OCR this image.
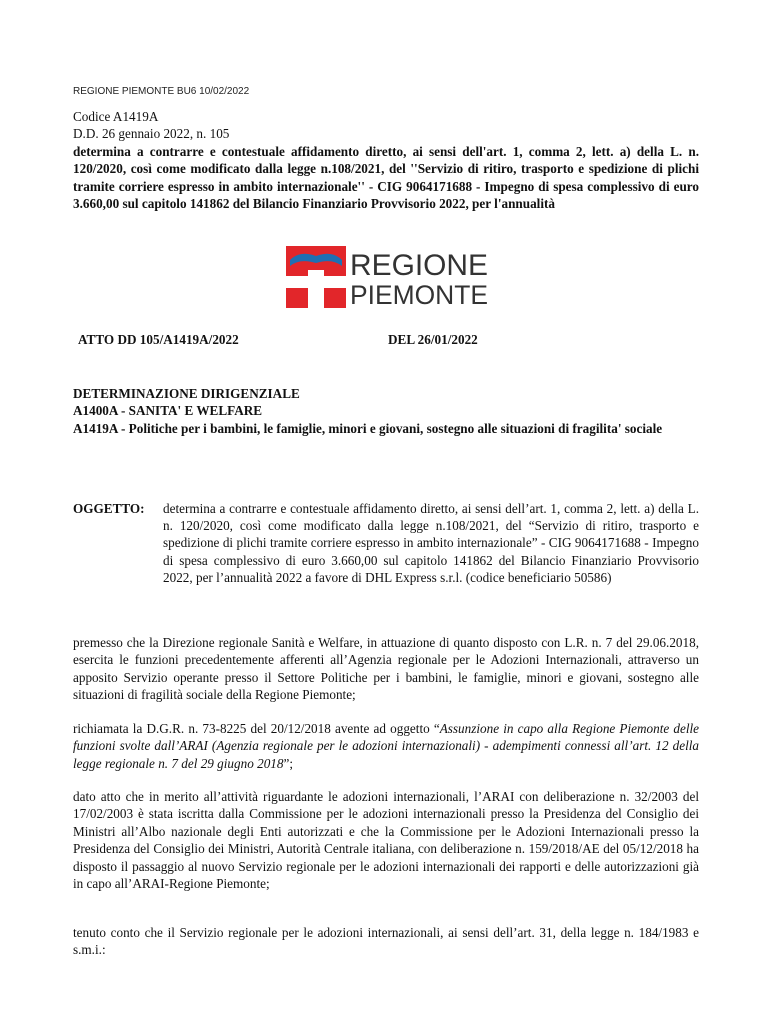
REGIONE PIEMONTE BU6 10/02/2022
Codice A1419A
D.D. 26 gennaio 2022, n. 105
determina a contrarre e contestuale affidamento diretto, ai sensi dell'art. 1, comma 2, lett. a) della L. n. 120/2020, così come modificato dalla legge n.108/2021, del ''Servizio di ritiro, trasporto e spedizione di plichi tramite corriere espresso in ambito internazionale'' - CIG 9064171688 - Impegno di spesa complessivo di euro 3.660,00 sul capitolo 141862 del Bilancio Finanziario Provvisorio 2022, per l'annualità
REGIONE
PIEMONTE
ATTO DD 105/A1419A/2022	DEL 26/01/2022
DETERMINAZIONE DIRIGENZIALE
A1400A - SANITA' E WELFARE
A1419A - Politiche per i bambini, le famiglie, minori e giovani, sostegno alle situazioni di fragilita' sociale
OGGETTO: determina a contrarre e contestuale affidamento diretto, ai sensi dell’art. 1, comma 2, lett. a) della L. n. 120/2020, così come modificato dalla legge n.108/2021, del “Servizio di ritiro, trasporto e spedizione di plichi tramite corriere espresso in ambito internazionale” - CIG 9064171688 - Impegno di spesa complessivo di euro 3.660,00 sul capitolo 141862 del Bilancio Finanziario Provvisorio 2022, per l’annualità 2022 a favore di DHL Express s.r.l. (codice beneficiario 50586)
premesso che la Direzione regionale Sanità e Welfare, in attuazione di quanto disposto con L.R. n. 7 del 29.06.2018, esercita le funzioni precedentemente afferenti all’Agenzia regionale per le Adozioni Internazionali, attraverso un apposito Servizio operante presso il Settore Politiche per i bambini, le famiglie, minori e giovani, sostegno alle situazioni di fragilità sociale della Regione Piemonte;
richiamata la D.G.R. n. 73-8225 del 20/12/2018 avente ad oggetto “Assunzione in capo alla Regione Piemonte delle funzioni svolte dall’ARAI (Agenzia regionale per le adozioni internazionali) - adempimenti connessi all’art. 12 della legge regionale n. 7 del 29 giugno 2018”;
dato atto che in merito all’attività riguardante le adozioni internazionali, l’ARAI con deliberazione n. 32/2003 del 17/02/2003 è stata iscritta dalla Commissione per le adozioni internazionali presso la Presidenza del Consiglio dei Ministri all’Albo nazionale degli Enti autorizzati e che la Commissione per le Adozioni Internazionali presso la Presidenza del Consiglio dei Ministri, Autorità Centrale italiana, con deliberazione n. 159/2018/AE del 05/12/2018 ha disposto il passaggio al nuovo Servizio regionale per le adozioni internazionali dei rapporti e delle autorizzazioni già in capo all’ARAI-Regione Piemonte;
tenuto conto che il Servizio regionale per le adozioni internazionali, ai sensi dell’art. 31, della legge n. 184/1983 e s.m.i.:
